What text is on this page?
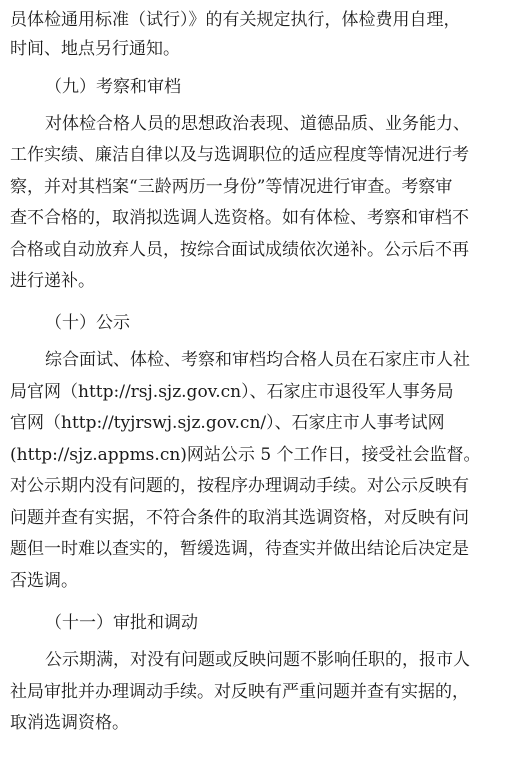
员体检通用标准（试行）》的有关规定执行，体检费用自理，
时间、地点另行通知。
（九）考察和审档
对体检合格人员的思想政治表现、道德品质、业务能力、
工作实绩、廉洁自律以及与选调职位的适应程度等情况进行考
察，并对其档案“三龄两历一身份”等情况进行审查。考察审
查不合格的，取消拟选调人选资格。如有体检、考察和审档不
合格或自动放弃人员，按综合面试成绩依次递补。公示后不再
进行递补。
（十）公示
综合面试、体检、考察和审档均合格人员在石家庄市人社
局官网（http://rsj.sjz.gov.cn）、石家庄市退役军人事务局
官网（http://tyjrswj.sjz.gov.cn/）、石家庄市人事考试网
(http://sjz.appms.cn)网站公示 5 个工作日，接受社会监督。
对公示期内没有问题的，按程序办理调动手续。对公示反映有
问题并查有实据，不符合条件的取消其选调资格，对反映有问
题但一时难以查实的，暂缓选调，待查实并做出结论后决定是
否选调。
（十一）审批和调动
公示期满，对没有问题或反映问题不影响任职的，报市人
社局审批并办理调动手续。对反映有严重问题并查有实据的，
取消选调资格。
